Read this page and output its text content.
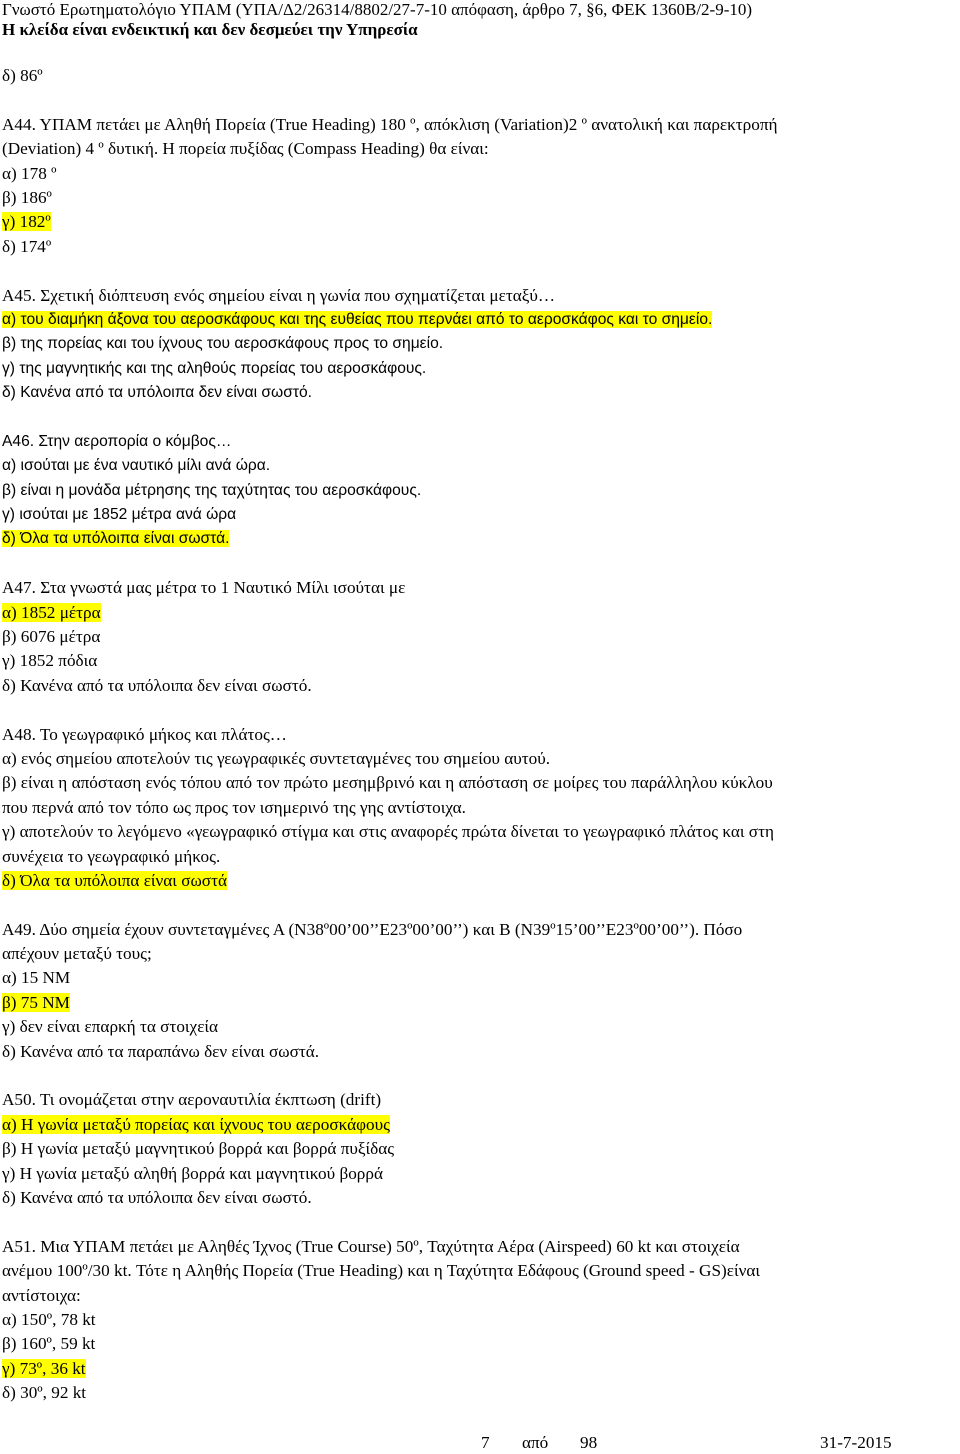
Γνωστό Ερωτηματολόγιο ΥΠΑΜ (ΥΠΑ/Δ2/26314/8802/27-7-10 απόφαση, άρθρο 7, §6, ΦΕΚ 1360Β/2-9-10)
Η κλείδα είναι ενδεικτική και δεν δεσμεύει την Υπηρεσία
δ) 86º
Α44. ΥΠΑΜ πετάει με Αληθή Πορεία (True Heading) 180 º, απόκλιση (Variation)2 º ανατολική και παρεκτροπή
(Deviation) 4 º δυτική. Η πορεία πυξίδας (Compass Heading) θα είναι:
α) 178 º
β) 186º
γ) 182º
δ) 174º
Α45. Σχετική διόπτευση ενός σημείου είναι η γωνία που σχηματίζεται μεταξύ…
α) του διαμήκη άξονα του αεροσκάφους και της ευθείας που περνάει από το αεροσκάφος και το σημείο.
β) της πορείας και του ίχνους του αεροσκάφους προς το σημείο.
γ) της μαγνητικής και της αληθούς πορείας του αεροσκάφους.
δ) Κανένα από τα υπόλοιπα δεν είναι σωστό.
Α46. Στην αεροπορία ο κόμβος…
α) ισούται με ένα ναυτικό μίλι ανά ώρα.
β) είναι η μονάδα μέτρησης της ταχύτητας του αεροσκάφους.
γ) ισούται με 1852 μέτρα ανά ώρα
δ) Όλα τα υπόλοιπα είναι σωστά.
Α47. Στα γνωστά μας μέτρα το 1 Ναυτικό Μίλι ισούται με
α) 1852 μέτρα
β) 6076 μέτρα
γ) 1852 πόδια
δ) Κανένα από τα υπόλοιπα δεν είναι σωστό.
Α48. Το γεωγραφικό μήκος και πλάτος…
α) ενός σημείου αποτελούν τις γεωγραφικές συντεταγμένες του σημείου αυτού.
β) είναι η απόσταση ενός τόπου από τον πρώτο μεσημβρινό και η απόσταση σε μοίρες του παράλληλου κύκλου
που περνά από τον τόπο ως προς τον ισημερινό της γης αντίστοιχα.
γ) αποτελούν το λεγόμενο «γεωγραφικό στίγμα και στις αναφορές πρώτα δίνεται το γεωγραφικό πλάτος και στη
συνέχεια το γεωγραφικό μήκος.
δ) Όλα τα υπόλοιπα είναι σωστά
Α49. Δύο σημεία έχουν συντεταγμένες Α (Ν38º00’00’’Ε23º00’00’’) και Β (Ν39º15’00’’Ε23º00’00’’). Πόσο
απέχουν μεταξύ τους;
α) 15 ΝΜ
β) 75 ΝΜ
γ) δεν είναι επαρκή τα στοιχεία
δ) Κανένα από τα παραπάνω δεν είναι σωστά.
Α50. Τι ονομάζεται στην αεροναυτιλία έκπτωση (drift)
α) Η γωνία μεταξύ πορείας και ίχνους του αεροσκάφους
β) Η γωνία μεταξύ μαγνητικού βορρά και βορρά πυξίδας
γ) Η γωνία μεταξύ αληθή βορρά και μαγνητικού βορρά
δ) Κανένα από τα υπόλοιπα δεν είναι σωστό.
Α51. Μια ΥΠΑΜ πετάει με Αληθές Ίχνος (True Course) 50º, Ταχύτητα Αέρα (Airspeed) 60 kt και στοιχεία
ανέμου 100º/30 kt. Τότε η Αληθής Πορεία (True Heading) και η Ταχύτητα Εδάφους (Ground speed - GS)είναι
αντίστοιχα:
α) 150º, 78 kt
β) 160º, 59 kt
γ) 73º, 36 kt
δ) 30º, 92 kt
7 από 98	31-7-2015
